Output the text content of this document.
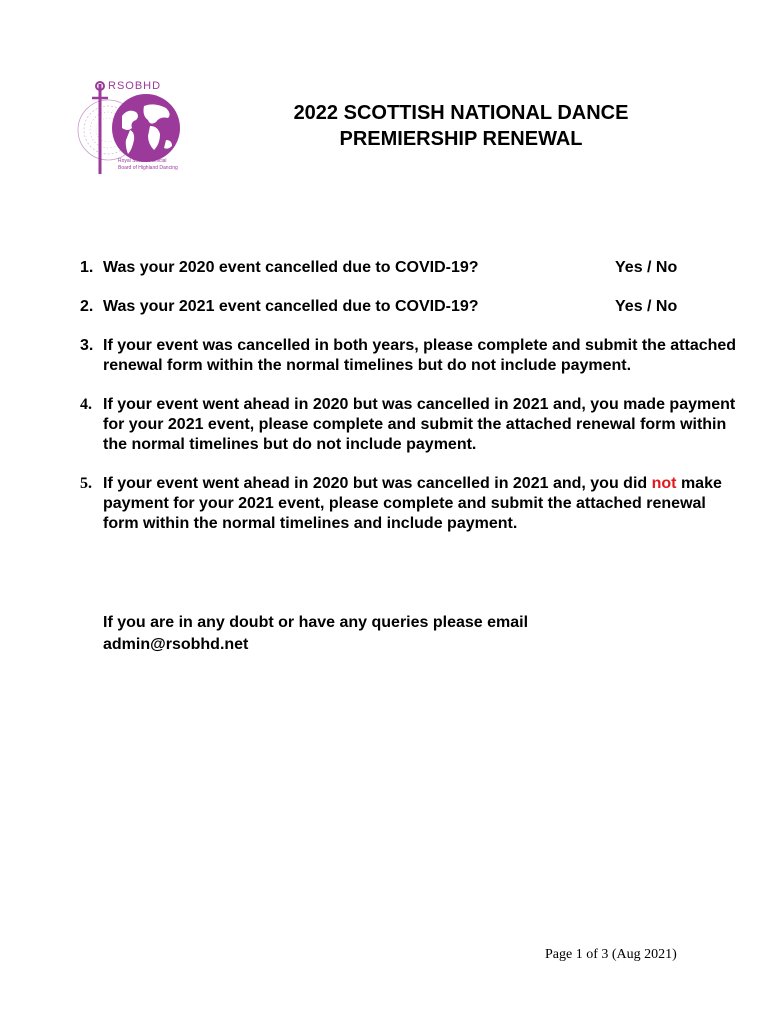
RSOBHD
Royal Scottish Official
Board of Highland Dancing
2022 SCOTTISH NATIONAL DANCE
PREMIERSHIP RENEWAL
1. Was your 2020 event cancelled due to COVID-19?	Yes / No
2. Was your 2021 event cancelled due to COVID-19?	Yes / No
3. If your event was cancelled in both years, please complete and submit the attached renewal form within the normal timelines but do not include payment.
4. If your event went ahead in 2020 but was cancelled in 2021 and, you made payment for your 2021 event, please complete and submit the attached renewal form within the normal timelines but do not include payment.
5. If your event went ahead in 2020 but was cancelled in 2021 and, you did not make payment for your 2021 event, please complete and submit the attached renewal form within the normal timelines and include payment.
If you are in any doubt or have any queries please email
admin@rsobhd.net
Page 1 of 3 (Aug 2021)
